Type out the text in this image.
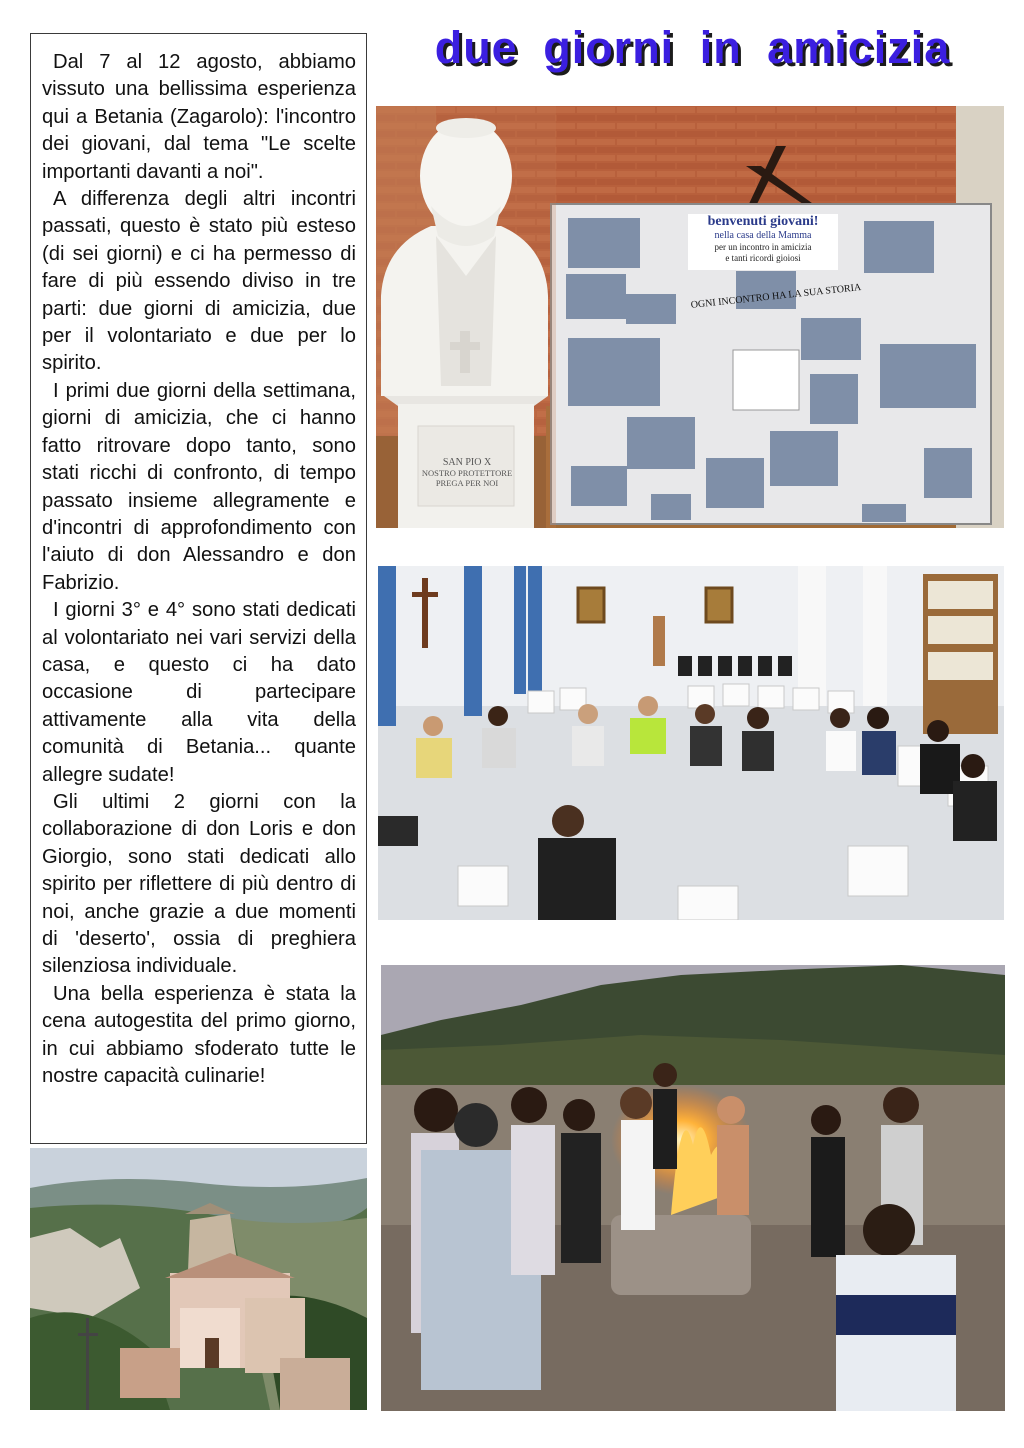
due giorni in amicizia

Dal 7 al 12 agosto, abbiamo vissuto una bellissima esperienza qui a Betania (Zagarolo): l'incontro dei giovani, dal tema "Le scelte importanti davanti a noi".

A differenza degli altri incontri passati, questo è stato più esteso (di sei giorni) e ci ha permesso di fare di più essendo diviso in tre parti: due giorni di amicizia, due per il volontariato e due per lo spirito.

I primi due giorni della settimana, giorni di amicizia, che ci hanno fatto ritrovare dopo tanto, sono stati ricchi di confronto, di tempo passato insieme allegramente e d'incontri di approfondimento con l'aiuto di don Alessandro e don Fabrizio.

I giorni 3° e 4° sono stati dedicati al volontariato nei vari servizi della casa, e questo ci ha dato occasione di partecipare attivamente alla vita della comunità di Betania... quante allegre sudate!

Gli ultimi 2 giorni con la collaborazione di don Loris e don Giorgio, sono stati dedicati allo spirito per riflettere di più dentro di noi, anche grazie a due momenti di 'deserto', ossia di preghiera silenziosa individuale.

Una bella esperienza è stata la cena autogestita del primo giorno, in cui abbiamo sfoderato tutte le nostre capacità culinarie!

SAN PIO X
NOSTRO PROTETTORE
PREGA PER NOI
benvenuti giovani!
nella casa della Mamma
per un incontro in amicizia
e tanti ricordi gioiosi
OGNI INCONTRO HA LA SUA STORIA
